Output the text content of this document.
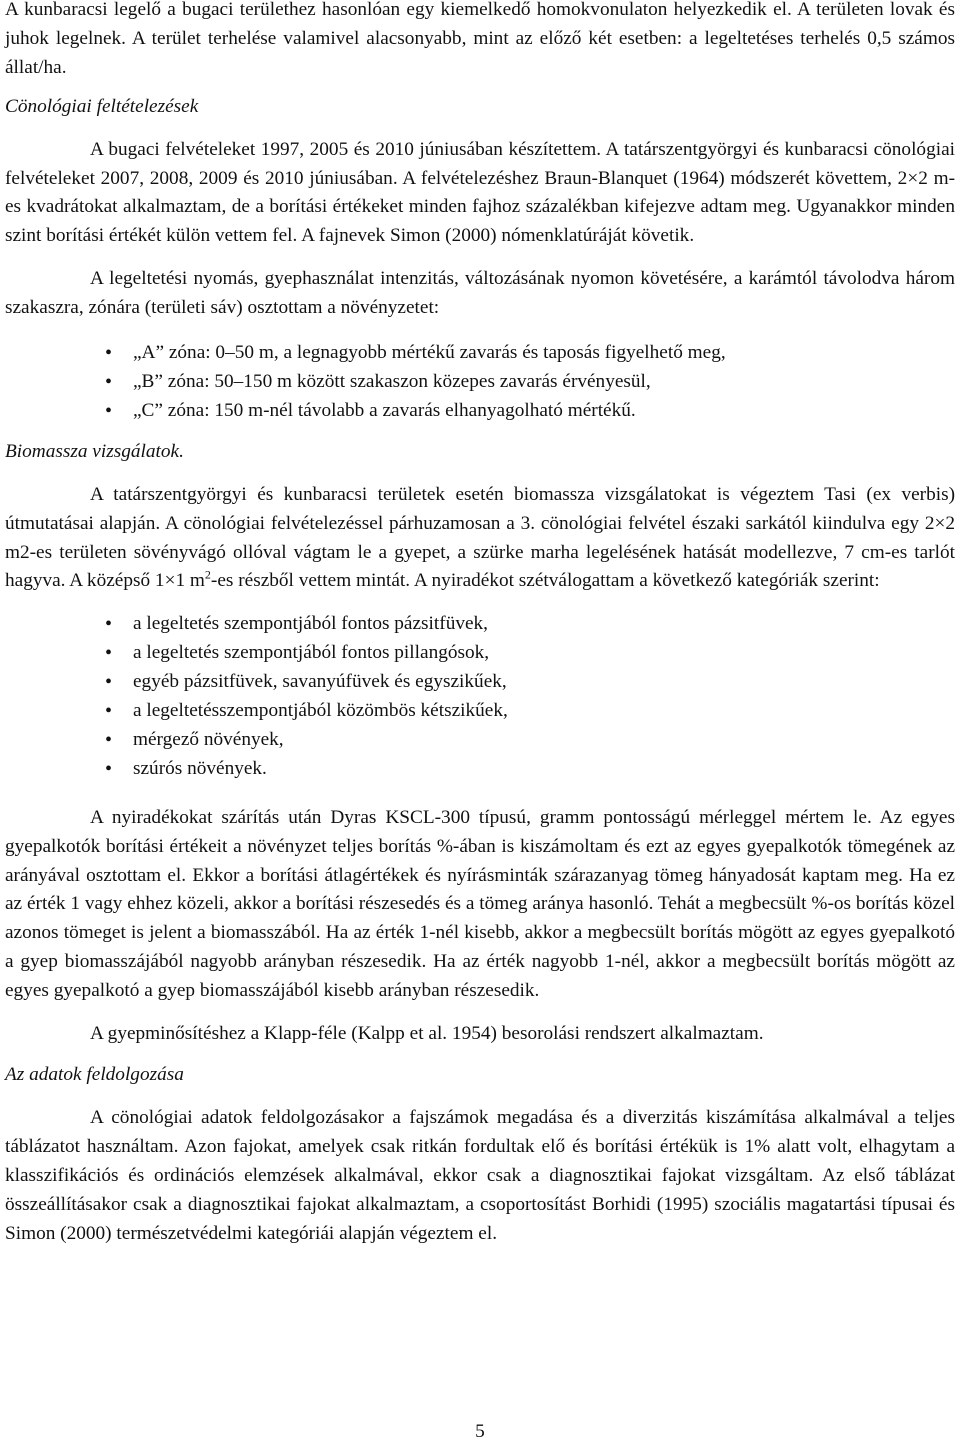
A kunbaracsi legelő a bugaci területhez hasonlóan egy kiemelkedő homokvonulaton helyezkedik el. A területen lovak és juhok legelnek. A terület terhelése valamivel alacsonyabb, mint az előző két esetben: a legeltetéses terhelés 0,5 számos állat/ha.

Cönológiai feltételezések

A bugaci felvételeket 1997, 2005 és 2010 júniusában készítettem. A tatárszentgyörgyi és kunbaracsi cönológiai felvételeket 2007, 2008, 2009 és 2010 júniusában. A felvételezéshez Braun-Blanquet (1964) módszerét követtem, 2×2 m-es kvadrátokat alkalmaztam, de a borítási értékeket minden fajhoz százalékban kifejezve adtam meg. Ugyanakkor minden szint borítási értékét külön vettem fel. A fajnevek Simon (2000) nómenklatúráját követik.

A legeltetési nyomás, gyephasználat intenzitás, változásának nyomon követésére, a karámtól távolodva három szakaszra, zónára (területi sáv) osztottam a növényzetet:

• „A” zóna: 0–50 m, a legnagyobb mértékű zavarás és taposás figyelhető meg,
• „B” zóna: 50–150 m között szakaszon közepes zavarás érvényesül,
• „C” zóna: 150 m-nél távolabb a zavarás elhanyagolható mértékű.

Biomassza vizsgálatok.

A tatárszentgyörgyi és kunbaracsi területek esetén biomassza vizsgálatokat is végeztem Tasi (ex verbis) útmutatásai alapján. A cönológiai felvételezéssel párhuzamosan a 3. cönológiai felvétel északi sarkától kiindulva egy 2×2 m2-es területen sövényvágó ollóval vágtam le a gyepet, a szürke marha legelésének hatását modellezve, 7 cm-es tarlót hagyva. A középső 1×1 $m^2-es$ részből vettem mintát. A nyiradékot szétválogattam a következő kategóriák szerint:

• a legeltetés szempontjából fontos pázsitfüvek,
• a legeltetés szempontjából fontos pillangósok,
• egyéb pázsitfüvek, savanyúfüvek és egyszikűek,
• a legeltetésszempontjából közömbös kétszikűek,
• mérgező növények,
• szúrós növények.

A nyiradékokat szárítás után Dyras KSCL-300 típusú, gramm pontosságú mérleggel mértem le. Az egyes gyepalkotók borítási értékeit a növényzet teljes borítás %-ában is kiszámoltam és ezt az egyes gyepalkotók tömegének az arányával osztottam el. Ekkor a borítási átlagértékek és nyírásminták szárazanyag tömeg hányadosát kaptam meg. Ha ez az érték 1 vagy ehhez közeli, akkor a borítási részesedés és a tömeg aránya hasonló. Tehát a megbecsült %-os borítás közel azonos tömeget is jelent a biomasszából. Ha az érték 1-nél kisebb, akkor a megbecsült borítás mögött az egyes gyepalkotó a gyep biomasszájából nagyobb arányban részesedik. Ha az érték nagyobb 1-nél, akkor a megbecsült borítás mögött az egyes gyepalkotó a gyep biomasszájából kisebb arányban részesedik.

A gyepminősítéshez a Klapp-féle (Kalpp et al. 1954) besorolási rendszert alkalmaztam.

Az adatok feldolgozása

A cönológiai adatok feldolgozásakor a fajszámok megadása és a diverzitás kiszámítása alkalmával a teljes táblázatot használtam. Azon fajokat, amelyek csak ritkán fordultak elő és borítási értékük is 1% alatt volt, elhagytam a klasszifikációs és ordinációs elemzések alkalmával, ekkor csak a diagnosztikai fajokat vizsgáltam. Az első táblázat összeállításakor csak a diagnosztikai fajokat alkalmaztam, a csoportosítást Borhidi (1995) szociális magatartási típusai és Simon (2000) természetvédelmi kategóriái alapján végeztem el.

5
